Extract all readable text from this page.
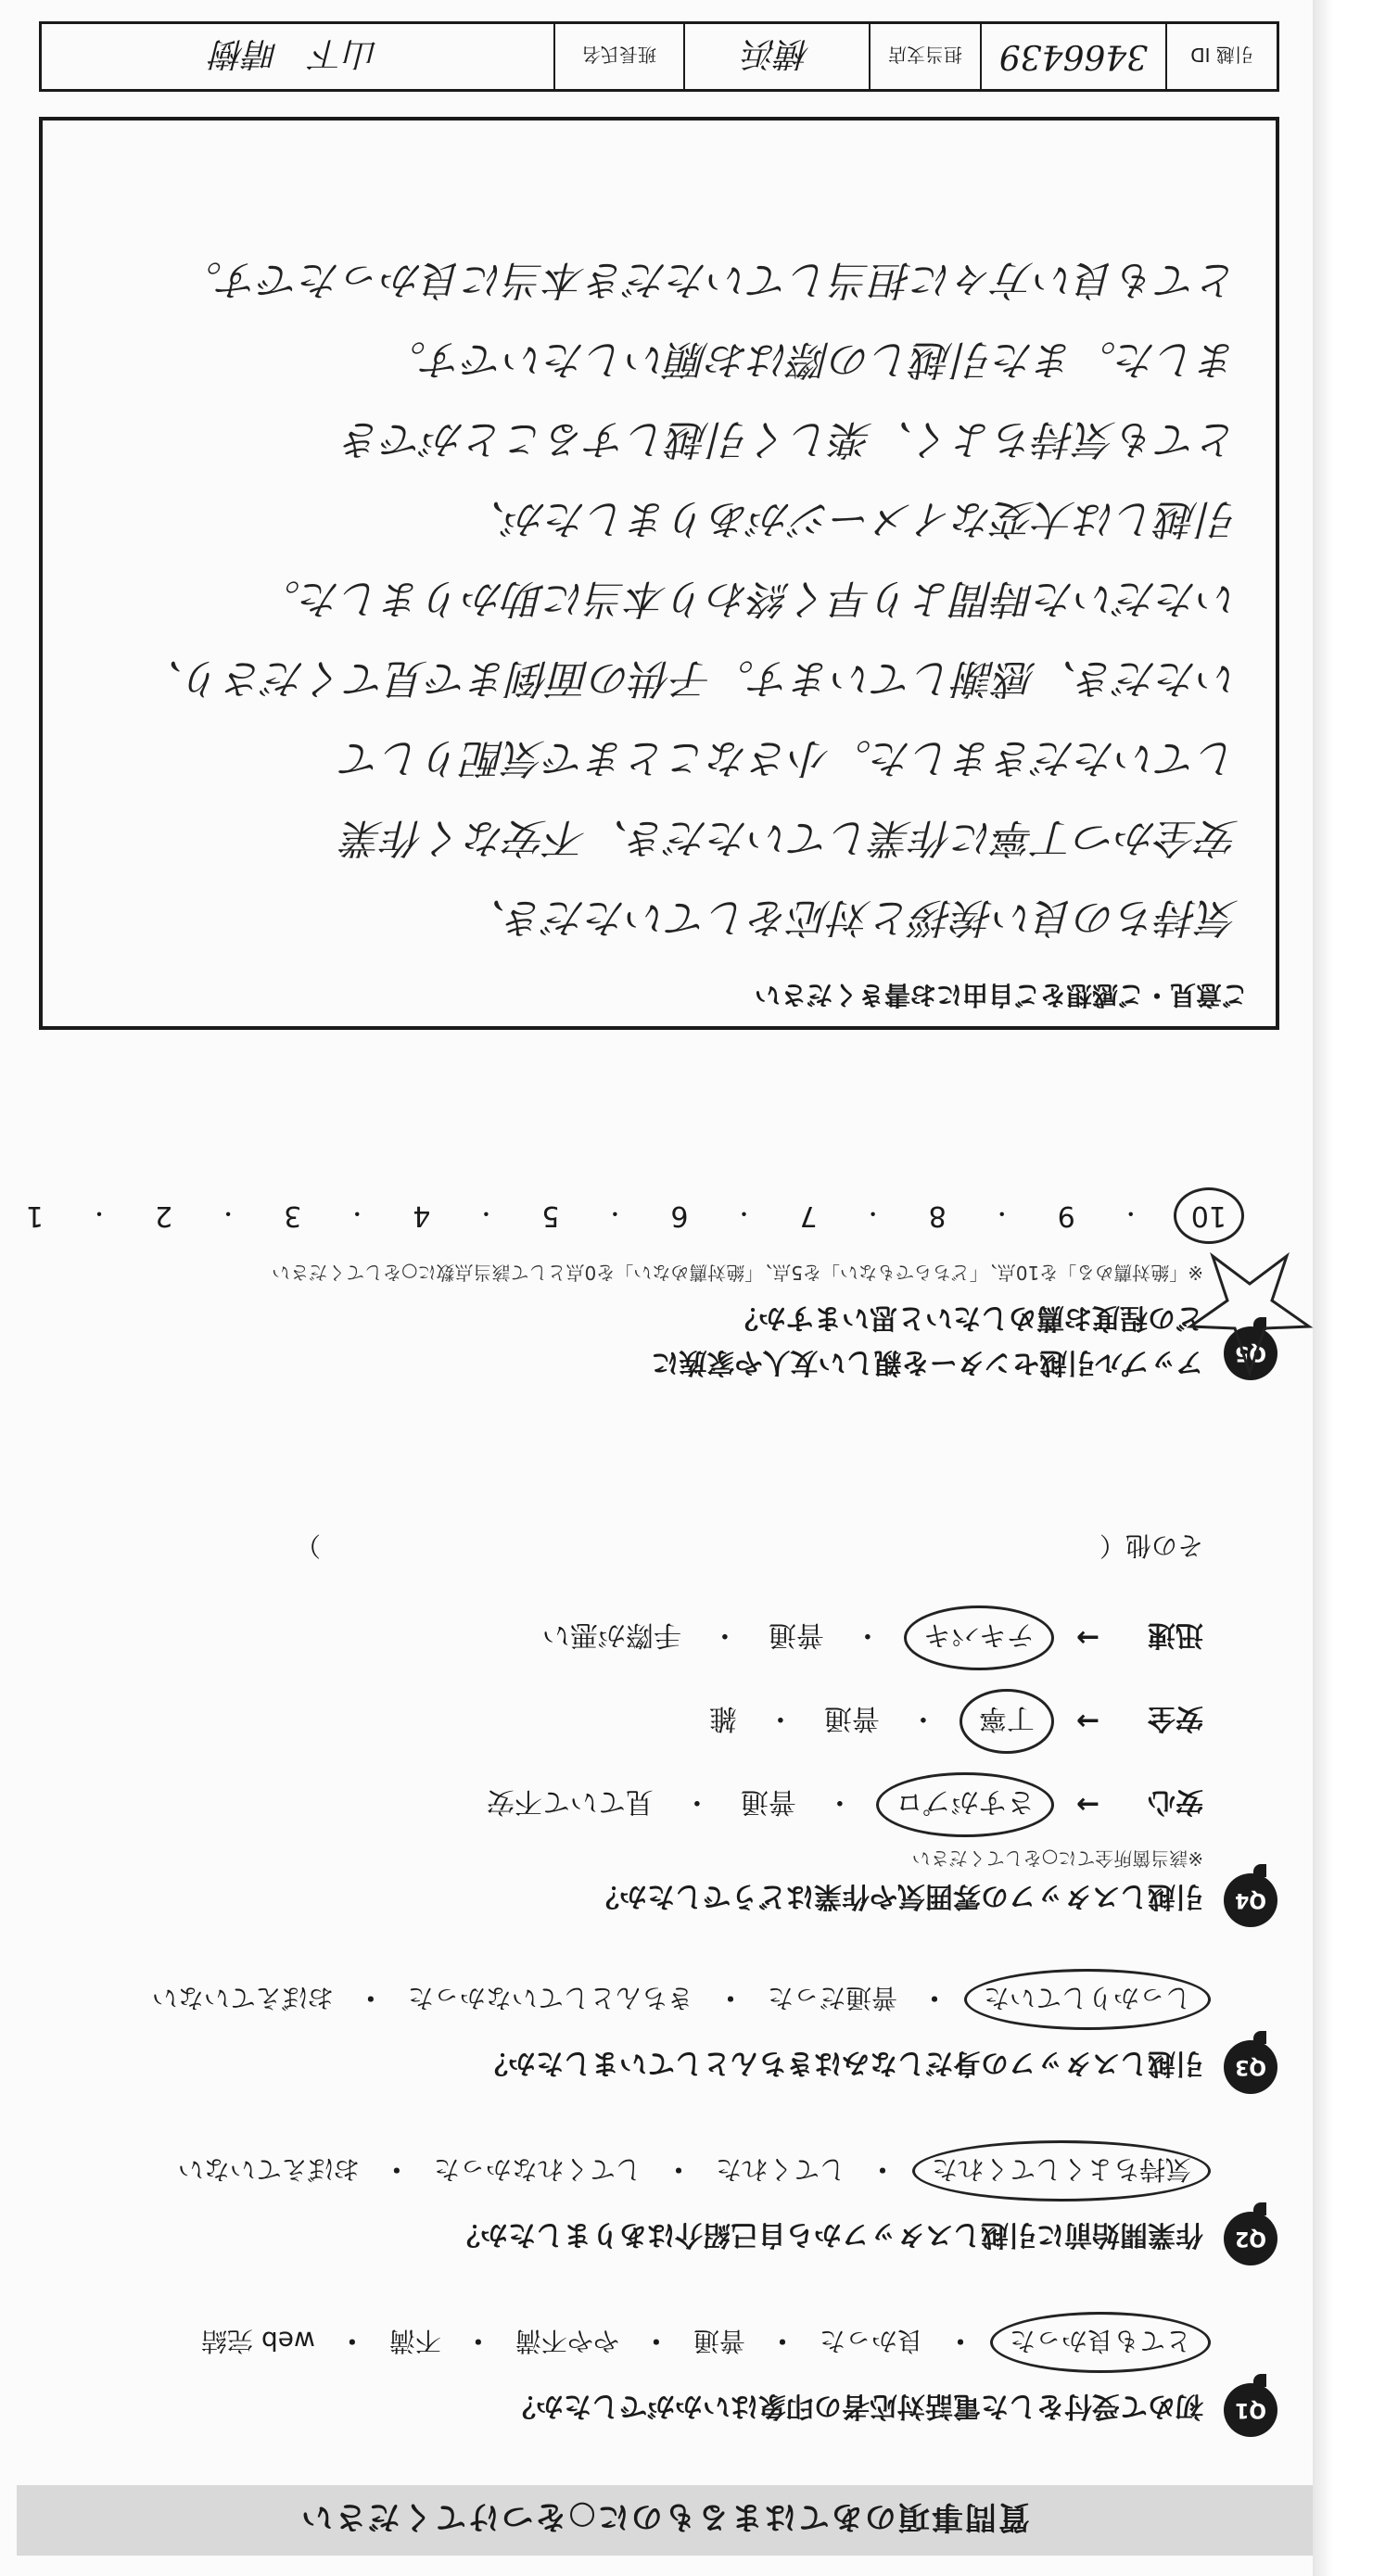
質問事項のあてはまるものに○をつけてください
Q1
初めて受付をした電話対応者の印象はいかがでしたか？
とても良かった
・
良かった
・
普通
・
やや不満
・
不満
・
web 完結
Q2
作業開始前に引越しスタッフから自己紹介はありましたか？
気持ちよくしてくれた
・
してくれた
・
してくれなかった
・
おぼえていない
Q3
引越しスタッフの身だしなみはきちんとしていましたか？
しっかりしていた
・
普通だった
・
きちんとしていなかった
・
おぼえていない
Q4
引越しスタッフの雰囲気や作業はどうでしたか？
※該当箇所全てに○をしてください
安心
→
さすがプロ
・
普通
・
見ていて不安
安全
→
丁寧
・
普通
・
雑
迅速
→
テキパキ
・
普通
・
手際が悪い
その他（　　　　　　　　　　　　　　　　　　　　　　　　　　　　　　）
Q5
アップル引越センターを親しい友人や家族に
どの程度お薦めしたいと思いますか？
※「絶対薦める」を10点、「どちらでもない」を5点、「絶対薦めない」を0点として該当点数に○をしてください
10
・
9
・
8
・
7
・
6
・
5
・
4
・
3
・
2
・
1
ご意見・ご感想をご自由にお書きください
気持ちの良い挨拶と対応をしていただき、
安全かつ丁寧に作業していただき、不安なく作業
していただきました。小さなことまで気配りして
いただき、感謝しています。子供の面倒まで見てくださり、
いただいた時間より早く終わり本当に助かりました。
引越しは大変なイメージがありましたが、
とても気持ちよく、楽しく引越しすることができ
ました。また引越しの際はお願いしたいです。
とても良い方々に担当していただき本当に良かったです。
引越 ID
3466439
担当支店
横浜
班長氏名
山下　晴樹
